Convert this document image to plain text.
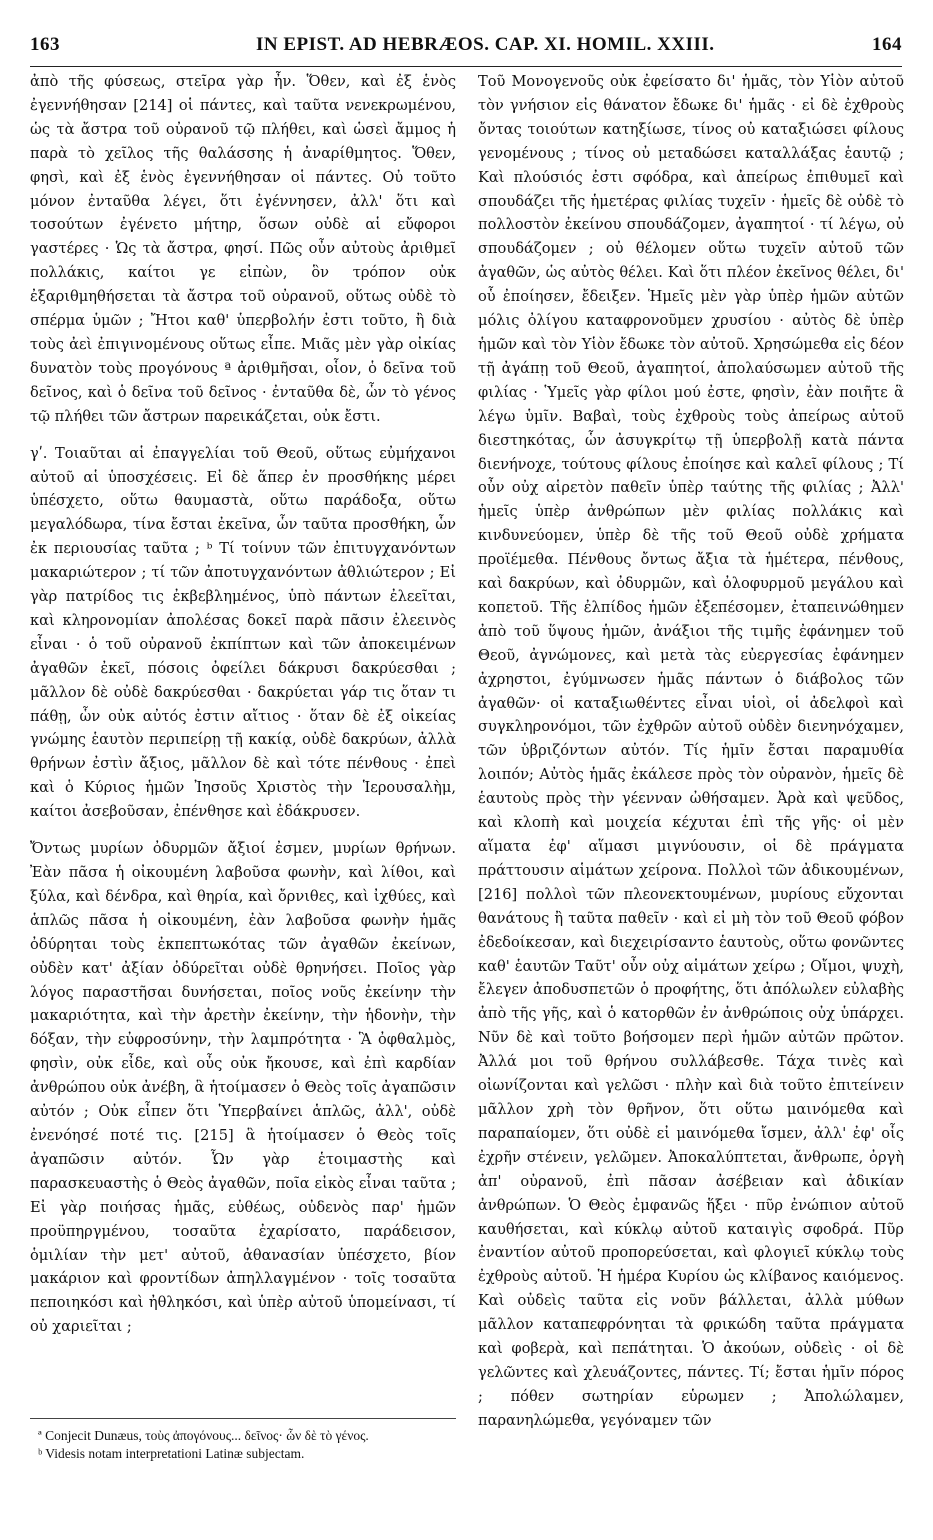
163	IN EPIST. AD HEBRÆOS. CAP. XI. HOMIL. XXIII.	164

ἀπὸ τῆς φύσεως, στεῖρα γὰρ ἦν. Ὅθεν, καὶ ἐξ ἑνὸς ἐγεννήθησαν [214] οἱ πάντες, καὶ ταῦτα νενεκρωμένου, ὡς τὰ ἄστρα τοῦ οὐρανοῦ τῷ πλήθει, καὶ ὡσεὶ ἄμμος ἡ παρὰ τὸ χεῖλος τῆς θαλάσσης ἡ ἀναρίθμητος. Ὅθεν, φησὶ, καὶ ἐξ ἑνὸς ἐγεννήθησαν οἱ πάντες. Οὐ τοῦτο μόνον ἐνταῦθα λέγει, ὅτι ἐγέννησεν, ἀλλ' ὅτι καὶ τοσούτων ἐγένετο μήτηρ, ὅσων οὐδὲ αἱ εὔφοροι γαστέρες · Ὡς τὰ ἄστρα, φησί. Πῶς οὖν αὐτοὺς ἀριθμεῖ πολλάκις, καίτοι γε εἰπὼν, ὃν τρόπον οὐκ ἐξαριθμηθήσεται τὰ ἄστρα τοῦ οὐρανοῦ, οὕτως οὐδὲ τὸ σπέρμα ὑμῶν ; Ἤτοι καθ' ὑπερβολήν ἐστι τοῦτο, ἢ διὰ τοὺς ἀεὶ ἐπιγινομένους οὕτως εἶπε. Μιᾶς μὲν γὰρ οἰκίας δυνατὸν τοὺς προγόνους ª ἀριθμῆσαι, οἷον, ὁ δεῖνα τοῦ δεῖνος, καὶ ὁ δεῖνα τοῦ δεῖνος · ἐνταῦθα δὲ, ὧν τὸ γένος τῷ πλήθει τῶν ἄστρων παρεικάζεται, οὐκ ἔστι.

γʹ. Τοιαῦται αἱ ἐπαγγελίαι τοῦ Θεοῦ, οὕτως εὐμήχανοι αὐτοῦ αἱ ὑποσχέσεις. Εἰ δὲ ἅπερ ἐν προσθήκης μέρει ὑπέσχετο, οὕτω θαυμαστὰ, οὕτω παράδοξα, οὕτω μεγαλόδωρα, τίνα ἔσται ἐκεῖνα, ὧν ταῦτα προσθήκη, ὧν ἐκ περιουσίας ταῦτα ; ᵇ Τί τοίνυν τῶν ἐπιτυγχανόντων μακαριώτερον ; τί τῶν ἀποτυγχανόντων ἀθλιώτερον ; Εἰ γὰρ πατρίδος τις ἐκβεβλημένος, ὑπὸ πάντων ἐλεεῖται, καὶ κληρονομίαν ἀπολέσας δοκεῖ παρὰ πᾶσιν ἐλεεινὸς εἶναι · ὁ τοῦ οὐρανοῦ ἐκπίπτων καὶ τῶν ἀποκειμένων ἀγαθῶν ἐκεῖ, πόσοις ὀφείλει δάκρυσι δακρύεσθαι ; μᾶλλον δὲ οὐδὲ δακρύεσθαι · δακρύεται γάρ τις ὅταν τι πάθῃ, ὧν οὐκ αὐτός ἐστιν αἴτιος · ὅταν δὲ ἐξ οἰκείας γνώμης ἑαυτὸν περιπείρῃ τῇ κακίᾳ, οὐδὲ δακρύων, ἀλλὰ θρήνων ἐστὶν ἄξιος, μᾶλλον δὲ καὶ τότε πένθους · ἐπεὶ καὶ ὁ Κύριος ἡμῶν Ἰησοῦς Χριστὸς τὴν Ἱερουσαλὴμ, καίτοι ἀσεβοῦσαν, ἐπένθησε καὶ ἐδάκρυσεν.

Ὄντως μυρίων ὀδυρμῶν ἄξιοί ἐσμεν, μυρίων θρήνων. Ἐὰν πᾶσα ἡ οἰκουμένη λαβοῦσα φωνὴν, καὶ λίθοι, καὶ ξύλα, καὶ δένδρα, καὶ θηρία, καὶ ὄρνιθες, καὶ ἰχθύες, καὶ ἁπλῶς πᾶσα ἡ οἰκουμένη, ἐὰν λαβοῦσα φωνὴν ἡμᾶς ὀδύρηται τοὺς ἐκπεπτωκότας τῶν ἀγαθῶν ἐκείνων, οὐδὲν κατ' ἀξίαν ὀδύρεῖται οὐδὲ θρηνήσει. Ποῖος γὰρ λόγος παραστῆσαι δυνήσεται, ποῖος νοῦς ἐκείνην τὴν μακαριότητα, καὶ τὴν ἀρετὴν ἐκείνην, τὴν ἡδονὴν, τὴν δόξαν, τὴν εὐφροσύνην, τὴν λαμπρότητα · Ἃ ὀφθαλμὸς, φησὶν, οὐκ εἶδε, καὶ οὖς οὐκ ἤκουσε, καὶ ἐπὶ καρδίαν ἀνθρώπου οὐκ ἀνέβη, ἃ ἡτοίμασεν ὁ Θεὸς τοῖς ἀγαπῶσιν αὐτόν ; Οὐκ εἶπεν ὅτι Ὑπερβαίνει ἁπλῶς, ἀλλ', οὐδὲ ἐνενόησέ ποτέ τις. [215] ἃ ἡτοίμασεν ὁ Θεὸς τοῖς ἀγαπῶσιν αὐτόν. Ὧν γὰρ ἑτοιμαστὴς καὶ παρασκευαστὴς ὁ Θεὸς ἀγαθῶν, ποῖα εἰκὸς εἶναι ταῦτα ; Εἰ γὰρ ποιήσας ἡμᾶς, εὐθέως, οὐδενὸς παρ' ἡμῶν προϋπηργμένου, τοσαῦτα ἐχαρίσατο, παράδεισον, ὁμιλίαν τὴν μετ' αὐτοῦ, ἀθανασίαν ὑπέσχετο, βίον μακάριον καὶ φροντίδων ἀπηλλαγμένον · τοῖς τοσαῦτα πεποιηκόσι καὶ ἠθληκόσι, καὶ ὑπὲρ αὐτοῦ ὑπομείνασι, τί οὐ χαριεῖται ;

Τοῦ Μονογενοῦς οὐκ ἐφείσατο δι' ἡμᾶς, τὸν Υἱὸν αὐτοῦ τὸν γνήσιον εἰς θάνατον ἔδωκε δι' ἡμᾶς · εἰ δὲ ἐχθροὺς ὄντας τοιούτων κατηξίωσε, τίνος οὐ καταξιώσει φίλους γενομένους ; τίνος οὐ μεταδώσει καταλλάξας ἑαυτῷ ; Καὶ πλούσιός ἐστι σφόδρα, καὶ ἀπείρως ἐπιθυμεῖ καὶ σπουδάζει τῆς ἡμετέρας φιλίας τυχεῖν · ἡμεῖς δὲ οὐδὲ τὸ πολλοστὸν ἐκείνου σπουδάζομεν, ἀγαπητοί · τί λέγω, οὐ σπουδάζομεν ; οὐ θέλομεν οὕτω τυχεῖν αὐτοῦ τῶν ἀγαθῶν, ὡς αὐτὸς θέλει. Καὶ ὅτι πλέον ἐκεῖνος θέλει, δι' οὗ ἐποίησεν, ἔδειξεν. Ἡμεῖς μὲν γὰρ ὑπὲρ ἡμῶν αὐτῶν μόλις ὀλίγου καταφρονοῦμεν χρυσίου · αὐτὸς δὲ ὑπὲρ ἡμῶν καὶ τὸν Υἱὸν ἔδωκε τὸν αὐτοῦ. Χρησώμεθα εἰς δέον τῇ ἀγάπῃ τοῦ Θεοῦ, ἀγαπητοί, ἀπολαύσωμεν αὐτοῦ τῆς φιλίας · Ὑμεῖς γὰρ φίλοι μού ἐστε, φησὶν, ἐὰν ποιῆτε ἃ λέγω ὑμῖν. Βαβαὶ, τοὺς ἐχθροὺς τοὺς ἀπείρως αὐτοῦ διεστηκότας, ὧν ἀσυγκρίτῳ τῇ ὑπερβολῇ κατὰ πάντα διενήνοχε, τούτους φίλους ἐποίησε καὶ καλεῖ φίλους ; Τί οὖν οὐχ αἱρετὸν παθεῖν ὑπὲρ ταύτης τῆς φιλίας ; Ἀλλ' ἡμεῖς ὑπὲρ ἀνθρώπων μὲν φιλίας πολλάκις καὶ κινδυνεύομεν, ὑπὲρ δὲ τῆς τοῦ Θεοῦ οὐδὲ χρήματα προϊέμεθα. Πένθους ὄντως ἄξια τὰ ἡμέτερα, πένθους, καὶ δακρύων, καὶ ὀδυρμῶν, καὶ ὀλοφυρμοῦ μεγάλου καὶ κοπετοῦ. Τῆς ἐλπίδος ἡμῶν ἐξεπέσομεν, ἐταπεινώθημεν ἀπὸ τοῦ ὕψους ἡμῶν, ἀνάξιοι τῆς τιμῆς ἐφάνημεν τοῦ Θεοῦ, ἀγνώμονες, καὶ μετὰ τὰς εὐεργεσίας ἐφάνημεν ἀχρηστοι, ἐγύμνωσεν ἡμᾶς πάντων ὁ διάβολος τῶν ἀγαθῶν· οἱ καταξιωθέντες εἶναι υἱοὶ, οἱ ἀδελφοὶ καὶ συγκληρονόμοι, τῶν ἐχθρῶν αὐτοῦ οὐδὲν διενηνόχαμεν, τῶν ὑβριζόντων αὐτόν. Τίς ἡμῖν ἔσται παραμυθία λοιπόν; Αὐτὸς ἡμᾶς ἐκάλεσε πρὸς τὸν οὐρανὸν, ἡμεῖς δὲ ἑαυτοὺς πρὸς τὴν γέενναν ὠθήσαμεν. Ἀρὰ καὶ ψεῦδος, καὶ κλοπὴ καὶ μοιχεία κέχυται ἐπὶ τῆς γῆς· οἱ μὲν αἵματα ἐφ' αἵμασι μιγνύουσιν, οἱ δὲ πράγματα πράττουσιν αἱμάτων χείρονα. Πολλοὶ τῶν ἀδικουμένων, [216] πολλοὶ τῶν πλεονεκτουμένων, μυρίους εὔχονται θανάτους ἢ ταῦτα παθεῖν · καὶ εἰ μὴ τὸν τοῦ Θεοῦ φόβον ἐδεδοίκεσαν, καὶ διεχειρίσαντο ἑαυτοὺς, οὕτω φονῶντες καθ' ἑαυτῶν Ταῦτ' οὖν οὐχ αἱμάτων χείρω ; Οἴμοι, ψυχὴ, ἔλεγεν ἀποδυσπετῶν ὁ προφήτης, ὅτι ἀπόλωλεν εὐλαβὴς ἀπὸ τῆς γῆς, καὶ ὁ κατορθῶν ἐν ἀνθρώποις οὐχ ὑπάρχει. Νῦν δὲ καὶ τοῦτο βοήσομεν περὶ ἡμῶν αὐτῶν πρῶτον. Ἀλλά μοι τοῦ θρήνου συλλάβεσθε. Τάχα τινὲς καὶ οἰωνίζονται καὶ γελῶσι · πλὴν καὶ διὰ τοῦτο ἐπιτείνειν μᾶλλον χρὴ τὸν θρῆνον, ὅτι οὕτω μαινόμεθα καὶ παραπαίομεν, ὅτι οὐδὲ εἰ μαινόμεθα ἴσμεν, ἀλλ' ἐφ' οἷς ἐχρῆν στένειν, γελῶμεν. Ἀποκαλύπτεται, ἄνθρωπε, ὀργὴ ἀπ' οὐρανοῦ, ἐπὶ πᾶσαν ἀσέβειαν καὶ ἀδικίαν ἀνθρώπων. Ὁ Θεὸς ἐμφανῶς ἥξει · πῦρ ἐνώπιον αὐτοῦ καυθήσεται, καὶ κύκλῳ αὐτοῦ καταιγὶς σφοδρά. Πῦρ ἐναντίον αὐτοῦ προπορεύσεται, καὶ φλογιεῖ κύκλῳ τοὺς ἐχθροὺς αὐτοῦ. Ἡ ἡμέρα Κυρίου ὡς κλίβανος καιόμενος. Καὶ οὐδεὶς ταῦτα εἰς νοῦν βάλλεται, ἀλλὰ μύθων μᾶλλον καταπεφρόνηται τὰ φρικώδη ταῦτα πράγματα καὶ φοβερὰ, καὶ πεπάτηται. Ὁ ἀκούων, οὐδεὶς · οἱ δὲ γελῶντες καὶ χλευάζοντες, πάντες. Τί; ἔσται ἡμῖν πόρος ; πόθεν σωτηρίαν εὑρωμεν ; Ἀπολώλαμεν, παρανηλώμεθα, γεγόναμεν τῶν

ª Conjecit Dunæus, τοὺς ἀπογόνους... δεῖνος· ὧν δὲ τὸ γένος.
ᵇ Videsis notam interpretationi Latinæ subjectam.
